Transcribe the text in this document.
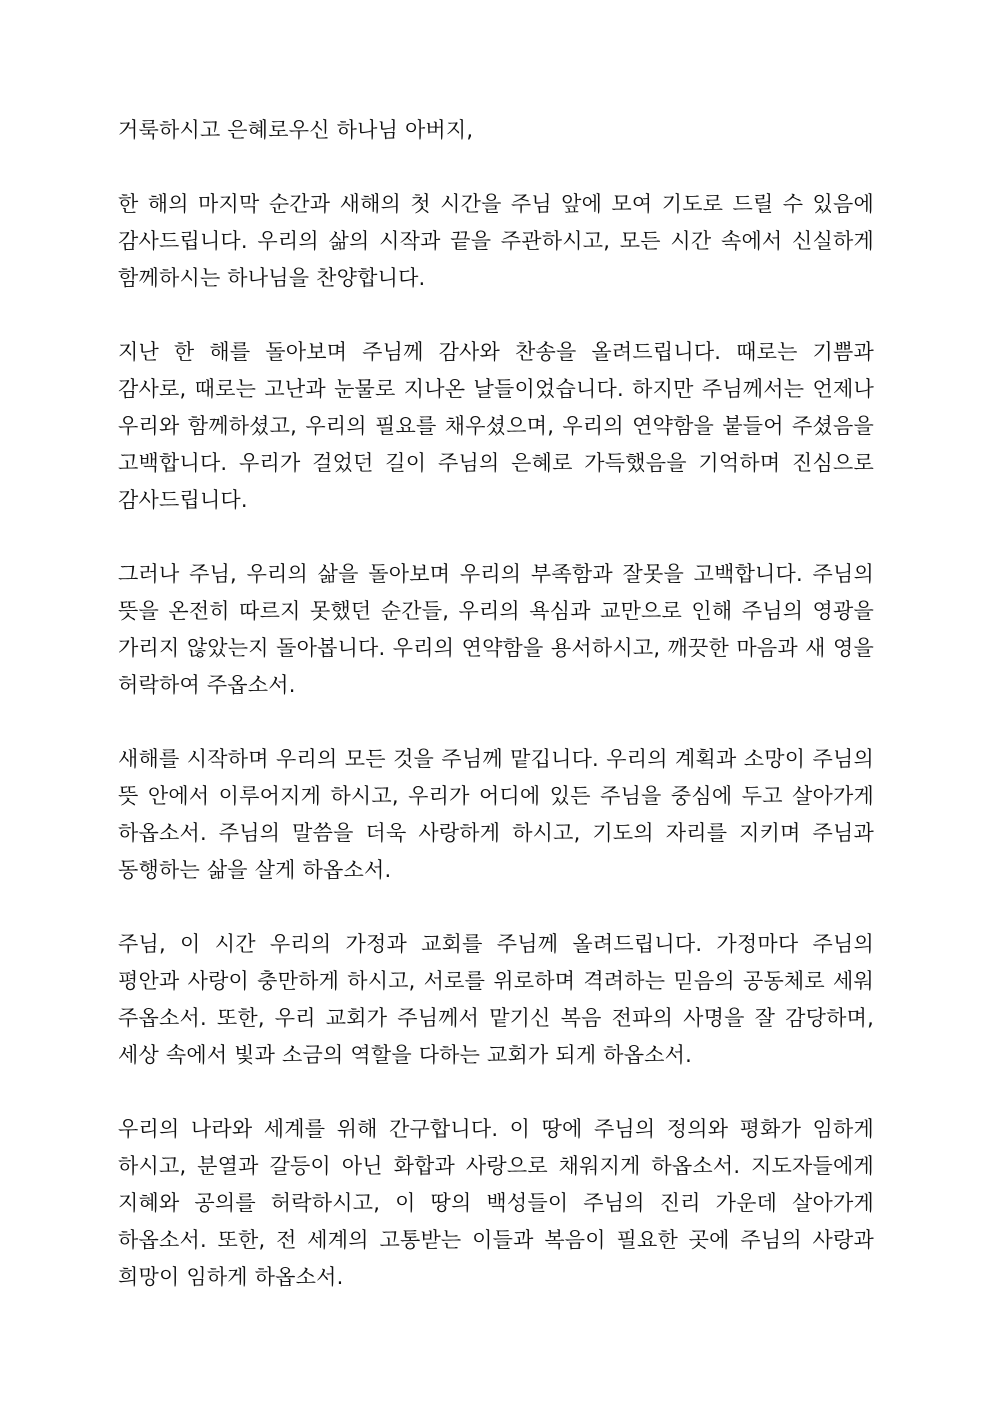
거룩하시고 은혜로우신 하나님 아버지,

한 해의 마지막 순간과 새해의 첫 시간을 주님 앞에 모여 기도로 드릴 수 있음에 감사드립니다. 우리의 삶의 시작과 끝을 주관하시고, 모든 시간 속에서 신실하게 함께하시는 하나님을 찬양합니다.

지난 한 해를 돌아보며 주님께 감사와 찬송을 올려드립니다. 때로는 기쁨과 감사로, 때로는 고난과 눈물로 지나온 날들이었습니다. 하지만 주님께서는 언제나 우리와 함께하셨고, 우리의 필요를 채우셨으며, 우리의 연약함을 붙들어 주셨음을 고백합니다. 우리가 걸었던 길이 주님의 은혜로 가득했음을 기억하며 진심으로 감사드립니다.

그러나 주님, 우리의 삶을 돌아보며 우리의 부족함과 잘못을 고백합니다. 주님의 뜻을 온전히 따르지 못했던 순간들, 우리의 욕심과 교만으로 인해 주님의 영광을 가리지 않았는지 돌아봅니다. 우리의 연약함을 용서하시고, 깨끗한 마음과 새 영을 허락하여 주옵소서.

새해를 시작하며 우리의 모든 것을 주님께 맡깁니다. 우리의 계획과 소망이 주님의 뜻 안에서 이루어지게 하시고, 우리가 어디에 있든 주님을 중심에 두고 살아가게 하옵소서. 주님의 말씀을 더욱 사랑하게 하시고, 기도의 자리를 지키며 주님과 동행하는 삶을 살게 하옵소서.

주님, 이 시간 우리의 가정과 교회를 주님께 올려드립니다. 가정마다 주님의 평안과 사랑이 충만하게 하시고, 서로를 위로하며 격려하는 믿음의 공동체로 세워 주옵소서. 또한, 우리 교회가 주님께서 맡기신 복음 전파의 사명을 잘 감당하며, 세상 속에서 빛과 소금의 역할을 다하는 교회가 되게 하옵소서.

우리의 나라와 세계를 위해 간구합니다. 이 땅에 주님의 정의와 평화가 임하게 하시고, 분열과 갈등이 아닌 화합과 사랑으로 채워지게 하옵소서. 지도자들에게 지혜와 공의를 허락하시고, 이 땅의 백성들이 주님의 진리 가운데 살아가게 하옵소서. 또한, 전 세계의 고통받는 이들과 복음이 필요한 곳에 주님의 사랑과 희망이 임하게 하옵소서.
